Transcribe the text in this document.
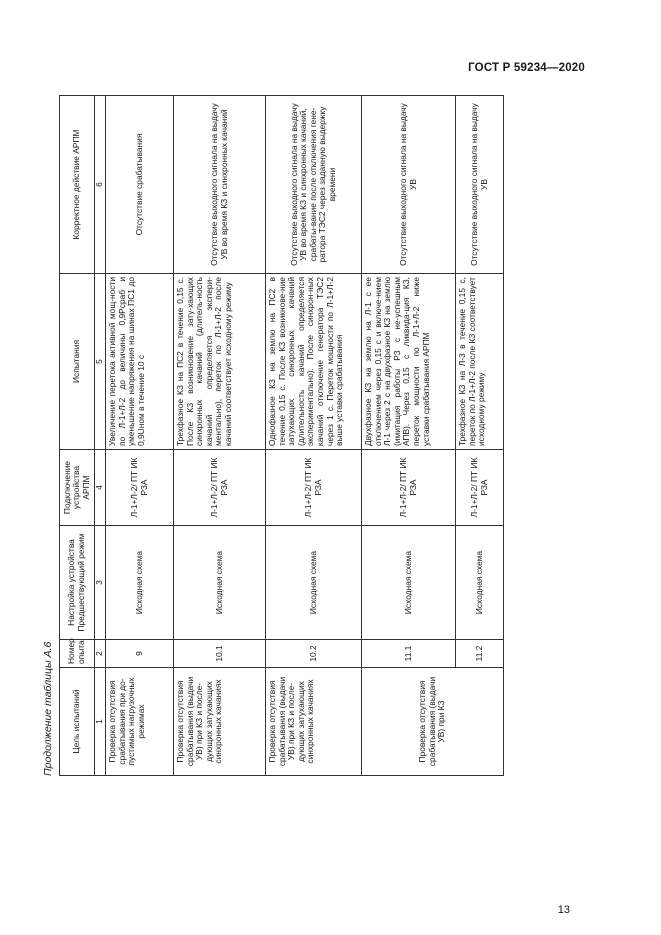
ГОСТ Р 59234—2020
Продолжение таблицы А.6 Цель испытаний	Номер опыта	Настройка устройства Предшествующий режим	Подключение устройства АРПМ	Испытания	Корректное действие АРПМ
1	2	3	4	5	6
Проверка отсутствия срабатывания при до-пустимых нагрузочных режимах	9	Исходная схема	Л-1+Л-2/ ПТ ИК РЗА	Увеличение перетока активной мощ-ности по Л-1+Л-2 до величины 0,9Рсраб и уменьшение напряжения на шинах ПС1 до 0,9Uном в течение 10 с	Отсутствие срабатывания
Проверка отсутствия срабатывания (выдачи УВ) при КЗ и после-дующих затухающих синхронных качаниях	10.1	Исходная схема	Л-1+Л-2/ ПТ ИК РЗА	Трехфазное КЗ на ПС2 в течение 0,15 с. После КЗ возникновение зату-хающих синхронных качаний (длитель-ность качаний определяется экспери-ментально), переток по Л-1+Л-2 после качаний соответствует исходному режиму	Отсутствие выходного сигнала на выдачу УВ во время КЗ и синхронных качаний
Проверка отсутствия срабатывания (выдачи УВ) при КЗ и после-дующих затухающих синхронных качаниях	10.2	Исходная схема	Л-1+Л-2/ ПТ ИК РЗА	Однофазное КЗ на землю на ПС2 в течение 0,15 с. После КЗ возникнове-ние затухающих синхронных качаний (длительность качаний определяется экспериментально). После синхрон-ных качаний отключение генератора ТЭС2 через 1 с. Переток мощности по Л-1+Л-2 выше уставки срабатывания	Отсутствие выходного сигнала на выдачу УВ во время КЗ и синхронных качаний, срабаты-вание после отключения гене-ратора ТЭС2 через заданную выдержку времени
Проверка отсутствия срабатывания (выдачи УВ) при КЗ	11.1	Исходная схема	Л-1+Л-2/ ПТ ИК РЗА	Двухфазное КЗ на землю на Л-1 с ее отключением через 0,15 с и включе-нием Л-1 через 2 с на двухфазное КЗ на землю (имитация работы РЗ с не-успешным АПВ). Через 0,15 с ликвида-ция КЗ, переток мощности по Л-1+Л-2 ниже уставки срабатывания АРПМ	Отсутствие выходного сигнала на выдачу УВ
	11.2	Исходная схема	Л-1+Л-2/ ПТ ИК РЗА	Трехфазное КЗ на Л-3 в течение 0,15 с, переток по Л-1+Л-2 после КЗ соответствует исходному режиму	Отсутствие выходного сигнала на выдачу УВ
13
